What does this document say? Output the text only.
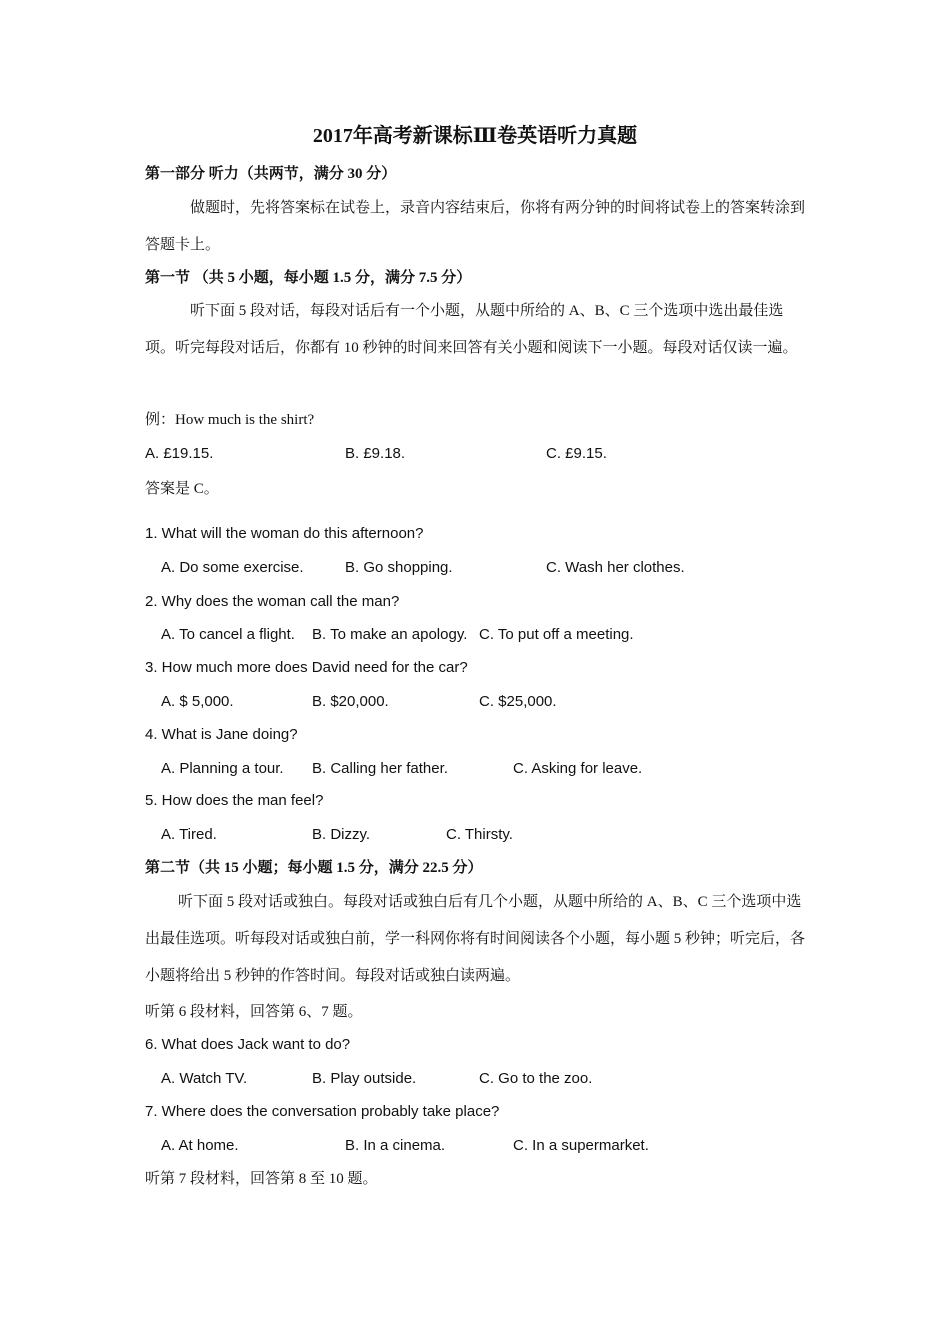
2017年高考新课标Ⅲ卷英语听力真题
第一部分 听力（共两节，满分 30 分）
做题时，先将答案标在试卷上，录音内容结束后，你将有两分钟的时间将试卷上的答案转涂到答题卡上。
第一节 （共 5 小题，每小题 1.5 分，满分 7.5 分）
听下面 5 段对话，每段对话后有一个小题，从题中所给的 A、B、C 三个选项中选出最佳选项。听完每段对话后，你都有 10 秒钟的时间来回答有关小题和阅读下一小题。每段对话仅读一遍。
例：How much is the shirt?
A. £19.15.	B. £9.18.	C. £9.15.
答案是 C。
1. What will the woman do this afternoon?
A. Do some exercise.	B. Go shopping.	C. Wash her clothes.
2. Why does the woman call the man?
A. To cancel a flight. B. To make an apology. C. To put off a meeting.
3. How much more does David need for the car?
A. $ 5,000.	B. $20,000.	C. $25,000.
4. What is Jane doing?
A. Planning a tour. B. Calling her father.	C. Asking for leave.
5. How does the man feel?
A. Tired.	B. Dizzy.	C. Thirsty.
第二节（共 15 小题；每小题 1.5 分，满分 22.5 分）
听下面 5 段对话或独白。每段对话或独白后有几个小题，从题中所给的 A、B、C 三个选项中选出最佳选项。听每段对话或独白前，学一科网你将有时间阅读各个小题，每小题 5 秒钟；听完后，各小题将给出 5 秒钟的作答时间。每段对话或独白读两遍。
听第 6 段材料，回答第 6、7 题。
6. What does Jack want to do?
A. Watch TV.	B. Play outside.	C. Go to the zoo.
7. Where does the conversation probably take place?
A. At home.	B. In a cinema.	C. In a supermarket.
听第 7 段材料，回答第 8 至 10 题。
